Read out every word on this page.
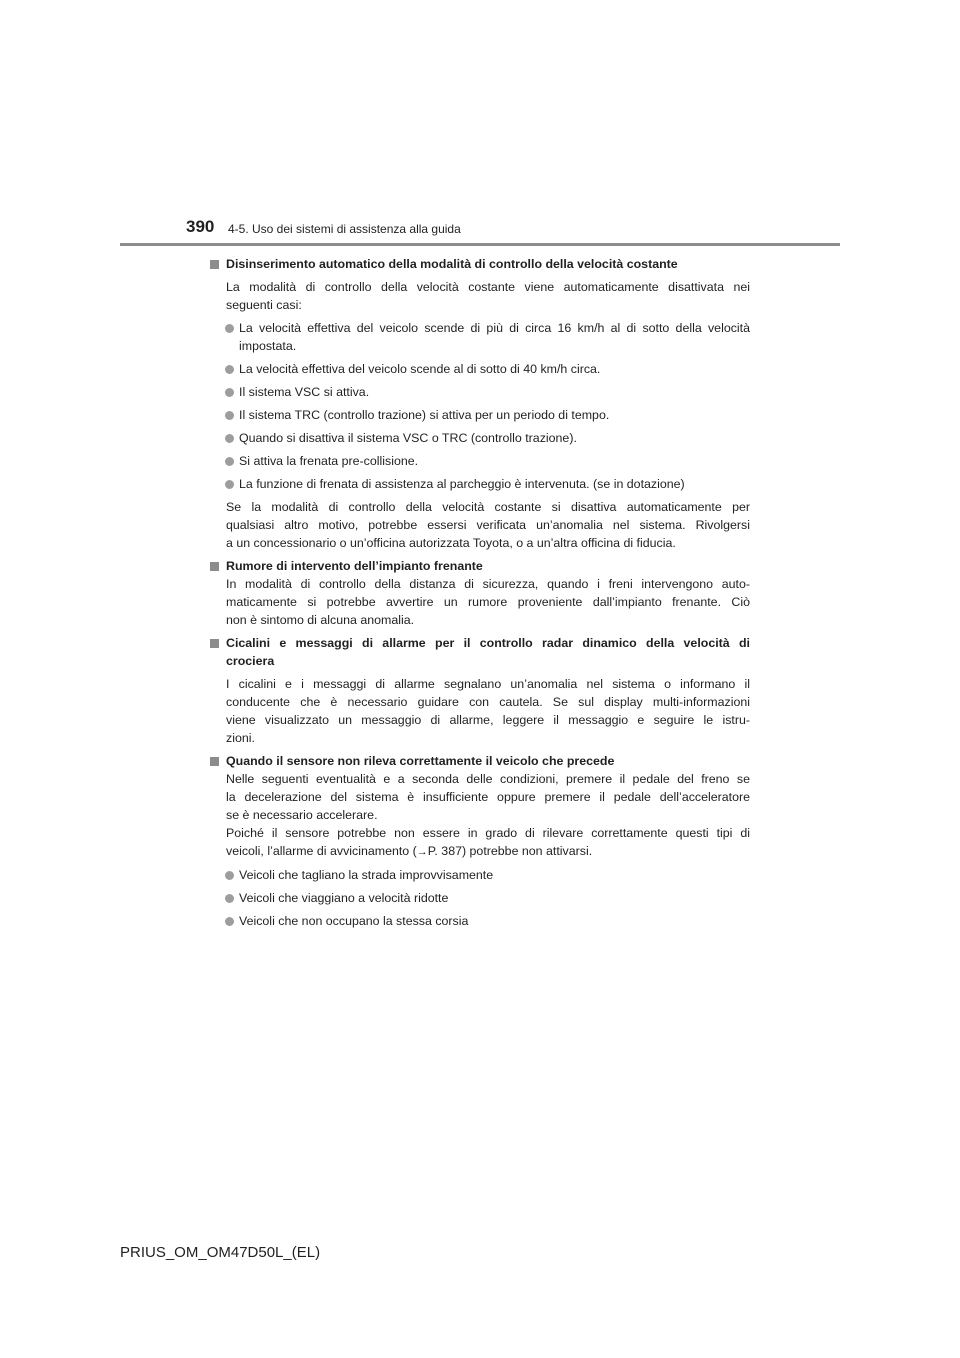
390 4-5. Uso dei sistemi di assistenza alla guida
Disinserimento automatico della modalità di controllo della velocità costante
La modalità di controllo della velocità costante viene automaticamente disattivata nei
seguenti casi:
La velocità effettiva del veicolo scende di più di circa 16 km/h al di sotto della velocità
impostata.
La velocità effettiva del veicolo scende al di sotto di 40 km/h circa.
Il sistema VSC si attiva.
Il sistema TRC (controllo trazione) si attiva per un periodo di tempo.
Quando si disattiva il sistema VSC o TRC (controllo trazione).
Si attiva la frenata pre-collisione.
La funzione di frenata di assistenza al parcheggio è intervenuta. (se in dotazione)
Se la modalità di controllo della velocità costante si disattiva automaticamente per
qualsiasi altro motivo, potrebbe essersi verificata un’anomalia nel sistema. Rivolgersi
a un concessionario o un’officina autorizzata Toyota, o a un’altra officina di fiducia.
Rumore di intervento dell’impianto frenante
In modalità di controllo della distanza di sicurezza, quando i freni intervengono auto-
maticamente si potrebbe avvertire un rumore proveniente dall’impianto frenante. Ciò
non è sintomo di alcuna anomalia.
Cicalini e messaggi di allarme per il controllo radar dinamico della velocità di
crociera
I cicalini e i messaggi di allarme segnalano un’anomalia nel sistema o informano il
conducente che è necessario guidare con cautela. Se sul display multi-informazioni
viene visualizzato un messaggio di allarme, leggere il messaggio e seguire le istru-
zioni.
Quando il sensore non rileva correttamente il veicolo che precede
Nelle seguenti eventualità e a seconda delle condizioni, premere il pedale del freno se
la decelerazione del sistema è insufficiente oppure premere il pedale dell’acceleratore
se è necessario accelerare.
Poiché il sensore potrebbe non essere in grado di rilevare correttamente questi tipi di
veicoli, l’allarme di avvicinamento (→P. 387) potrebbe non attivarsi.
Veicoli che tagliano la strada improvvisamente
Veicoli che viaggiano a velocità ridotte
Veicoli che non occupano la stessa corsia
PRIUS_OM_OM47D50L_(EL)
